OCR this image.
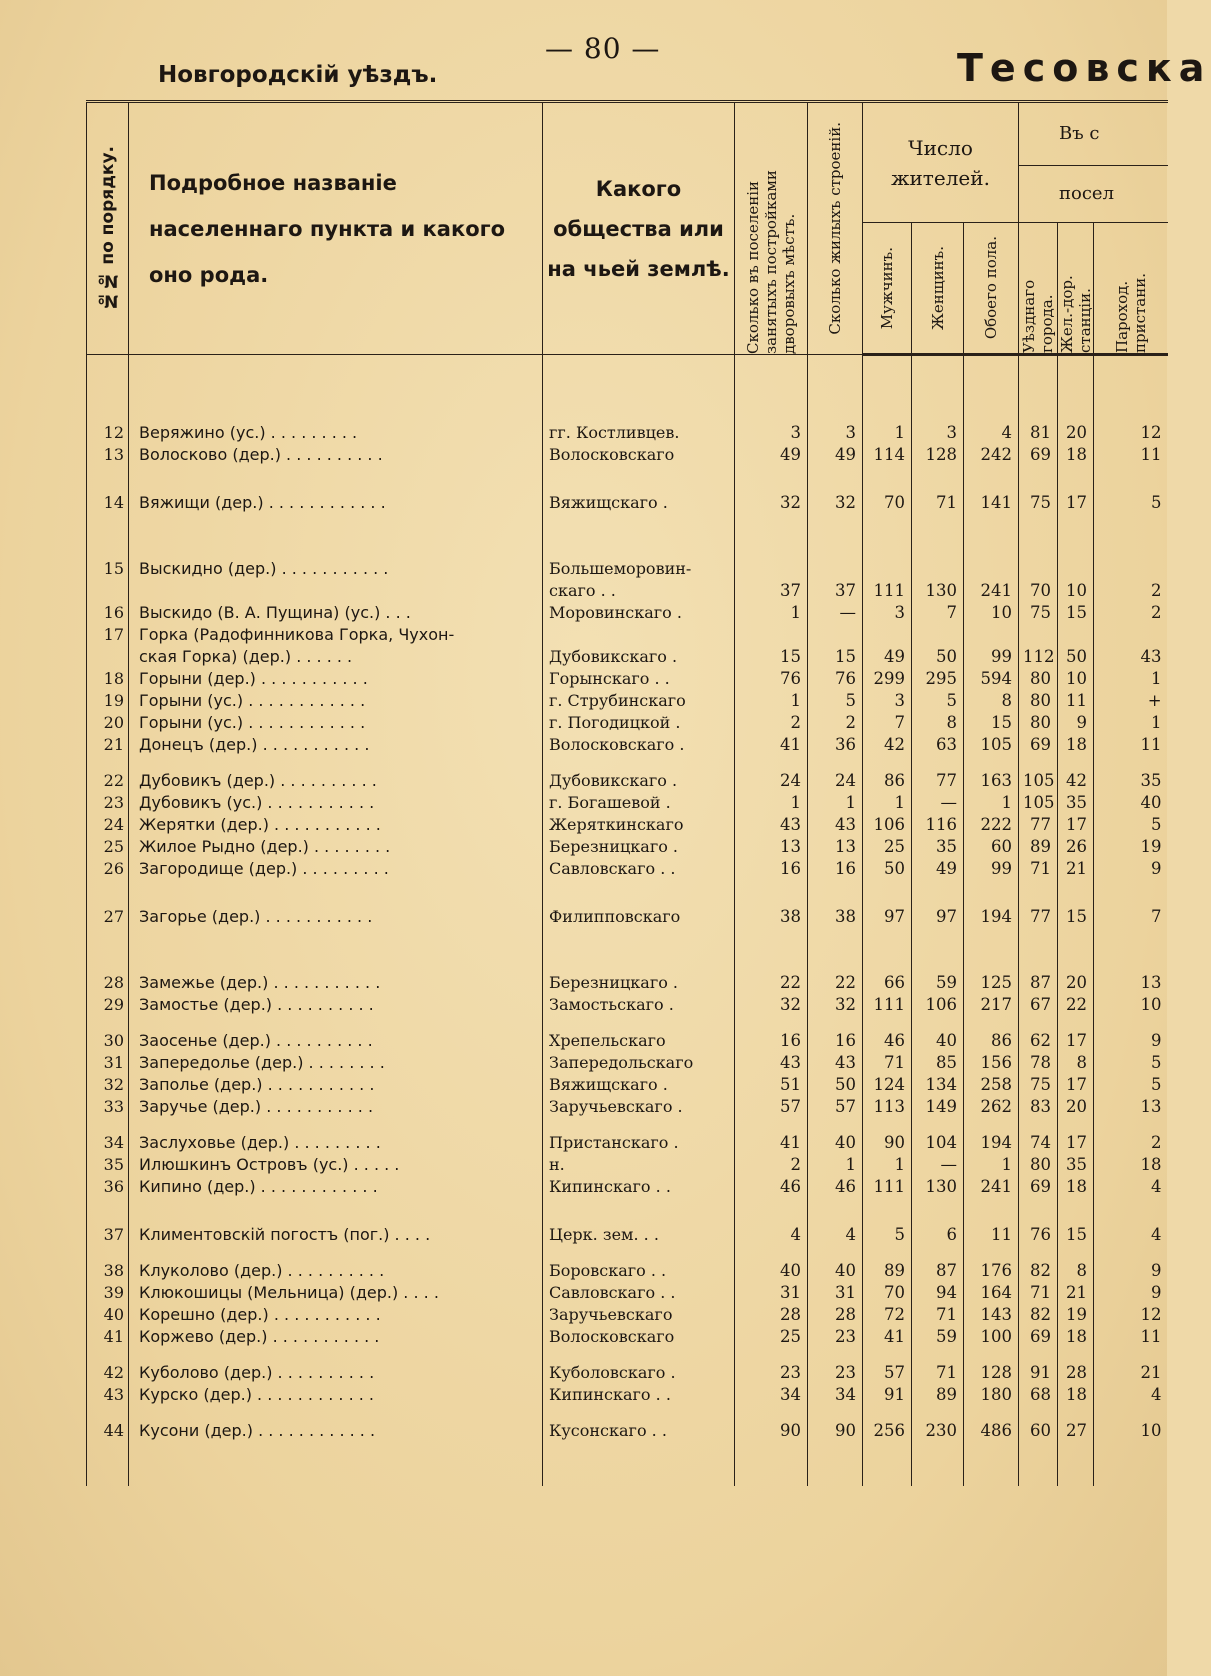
— 80 —
Новгородскій уѣздъ.	Тесовска
№№ по порядку.	Подробное названіе населеннаго пункта и какого оно рода.	Какого общества или на чьей землѣ.	Сколько въ поселеніи занятыхъ постройками дворовыхъ мѣстъ.	Сколько жилыхъ строеній.	Число жителей.			Въ с		
								посел		

					Мужчинъ.	Женщинъ.	Обоего пола.	Уѣзднаго города.	Жел.-дор. станціи.	Пароход. пристани.

12	Веряжино (ус.) . . . . . . . . .	гг. Костливцев.	3	3	1	3	4	81	20	12
13	Волосково (дер.) . . . . . . . . . .	Волосковскаго	49	49	114	128	242	69	18	11

14	Вяжищи (дер.) . . . . . . . . . . . .	Вяжищскаго .	32	32	70	71	141	75	17	5

15	Выскидно (дер.) . . . . . . . . . . .	Большеморовин-								
		скаго . .	37	37	111	130	241	70	10	2
16	Выскидо (В. А. Пущина) (ус.) . . .	Моровинскаго .	1	—	3	7	10	75	15	2
17	Горка (Радофинникова Горка, Чухон-									
	ская Горка) (дер.) . . . . . .	Дубовикскаго .	15	15	49	50	99	112	50	43
18	Горыни (дер.) . . . . . . . . . . .	Горынскаго . .	76	76	299	295	594	80	10	1
19	Горыни (ус.) . . . . . . . . . . . .	г. Струбинскаго	1	5	3	5	8	80	11	+
20	Горыни (ус.) . . . . . . . . . . . .	г. Погодицкой .	2	2	7	8	15	80	9	1
21	Донецъ (дер.) . . . . . . . . . . .	Волосковскаго .	41	36	42	63	105	69	18	11

22	Дубовикъ (дер.) . . . . . . . . . .	Дубовикскаго .	24	24	86	77	163	105	42	35
23	Дубовикъ (ус.) . . . . . . . . . . .	г. Богашевой .	1	1	1	—	1	105	35	40
24	Жерятки (дер.) . . . . . . . . . . .	Жеряткинскаго	43	43	106	116	222	77	17	5
25	Жилое Рыдно (дер.) . . . . . . . .	Березницкаго .	13	13	25	35	60	89	26	19
26	Загородище (дер.) . . . . . . . . .	Савловскаго . .	16	16	50	49	99	71	21	9

27	Загорье (дер.) . . . . . . . . . . .	Филипповскаго	38	38	97	97	194	77	15	7

28	Замежье (дер.) . . . . . . . . . . .	Березницкаго .	22	22	66	59	125	87	20	13
29	Замостье (дер.) . . . . . . . . . .	Замостьскаго .	32	32	111	106	217	67	22	10

30	Заосенье (дер.) . . . . . . . . . .	Хрепельскаго	16	16	46	40	86	62	17	9
31	Запередолье (дер.) . . . . . . . .	Запередольскаго	43	43	71	85	156	78	8	5
32	Заполье (дер.) . . . . . . . . . . .	Вяжищскаго .	51	50	124	134	258	75	17	5
33	Заручье (дер.) . . . . . . . . . . .	Заручьевскаго .	57	57	113	149	262	83	20	13

34	Заслуховье (дер.) . . . . . . . . .	Пристанскаго .	41	40	90	104	194	74	17	2
35	Илюшкинъ Островъ (ус.) . . . . .	н.	2	1	1	—	1	80	35	18
36	Кипино (дер.) . . . . . . . . . . . .	Кипинскаго . .	46	46	111	130	241	69	18	4

37	Климентовскій погостъ (пог.) . . . .	Церк. зем. . .	4	4	5	6	11	76	15	4

38	Клуколово (дер.) . . . . . . . . . .	Боровскаго . .	40	40	89	87	176	82	8	9
39	Клюкошицы (Мельница) (дер.) . . . .	Савловскаго . .	31	31	70	94	164	71	21	9
40	Корешно (дер.) . . . . . . . . . . .	Заручьевскаго	28	28	72	71	143	82	19	12
41	Коржево (дер.) . . . . . . . . . . .	Волосковскаго	25	23	41	59	100	69	18	11

42	Куболово (дер.) . . . . . . . . . .	Куболовскаго .	23	23	57	71	128	91	28	21
43	Курско (дер.) . . . . . . . . . . . .	Кипинскаго . .	34	34	91	89	180	68	18	4

44	Кусони (дер.) . . . . . . . . . . . .	Кусонскаго . .	90	90	256	230	486	60	27	10
